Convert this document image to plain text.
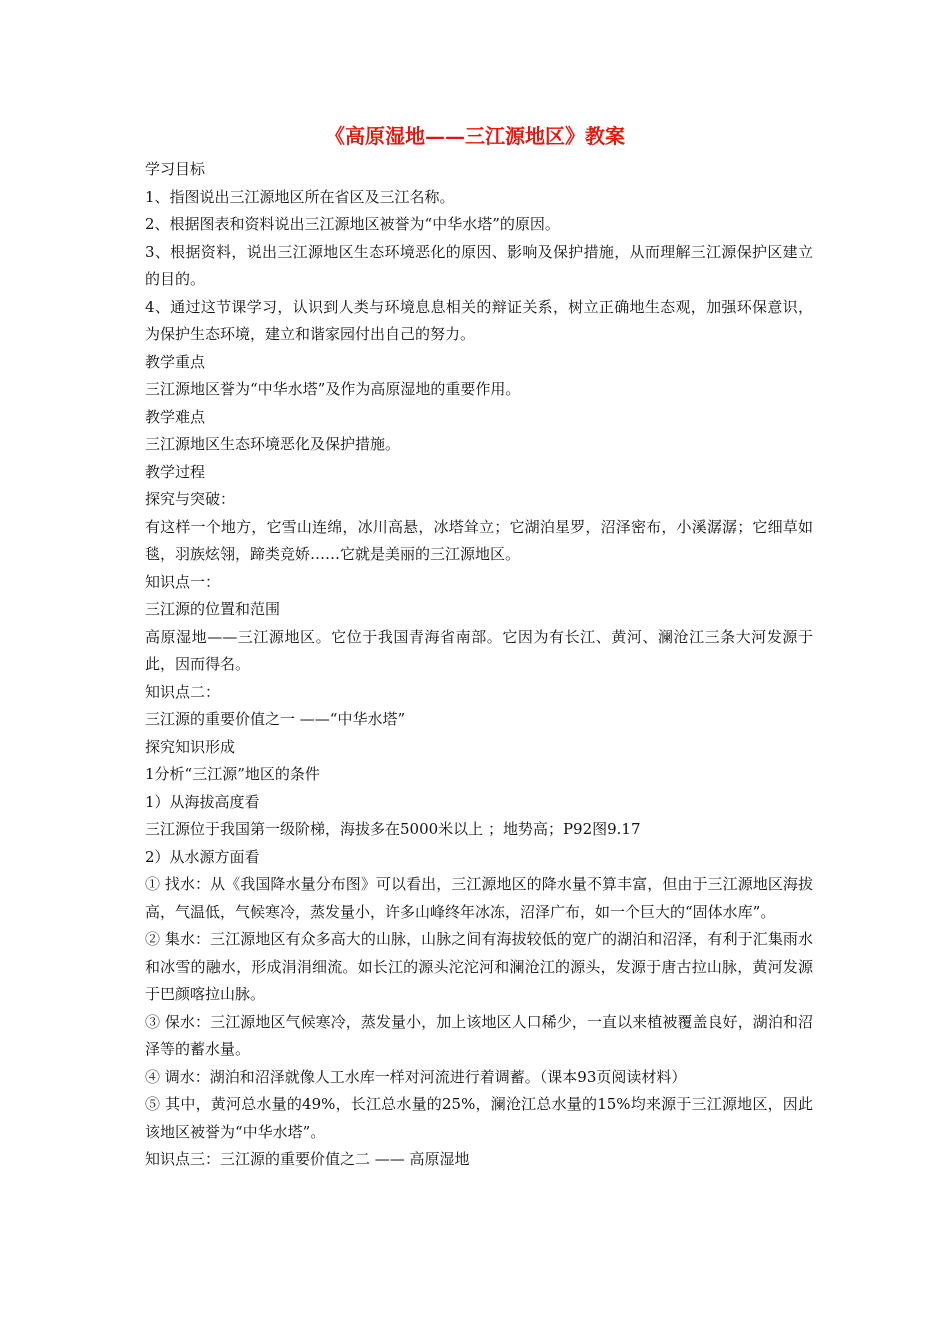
《高原湿地——三江源地区》教案

学习目标

1、指图说出三江源地区所在省区及三江名称。

2、根据图表和资料说出三江源地区被誉为“中华水塔”的原因。

3、根据资料，说出三江源地区生态环境恶化的原因、影响及保护措施，从而理解三江源保护区建立的目的。

4、通过这节课学习，认识到人类与环境息息相关的辩证关系，树立正确地生态观，加强环保意识，为保护生态环境，建立和谐家园付出自己的努力。

教学重点

三江源地区誉为“中华水塔”及作为高原湿地的重要作用。

教学难点

三江源地区生态环境恶化及保护措施。

教学过程

探究与突破：

有这样一个地方，它雪山连绵，冰川高悬，冰塔耸立；它湖泊星罗，沼泽密布，小溪潺潺；它细草如毯，羽族炫翎，蹄类竞娇……它就是美丽的三江源地区。

知识点一：

三江源的位置和范围

高原湿地——三江源地区。它位于我国青海省南部。它因为有长江、黄河、澜沧江三条大河发源于此，因而得名。

知识点二：

三江源的重要价值之一 ——“中华水塔”

探究知识形成

1分析“三江源”地区的条件

1）从海拔高度看

三江源位于我国第一级阶梯，海拔多在5000米以上 ；地势高；P92图9.17

2）从水源方面看

① 找水：从《我国降水量分布图》可以看出，三江源地区的降水量不算丰富，但由于三江源地区海拔高，气温低，气候寒冷，蒸发量小，许多山峰终年冰冻，沼泽广布，如一个巨大的“固体水库”。

② 集水：三江源地区有众多高大的山脉，山脉之间有海拔较低的宽广的湖泊和沼泽，有利于汇集雨水和冰雪的融水，形成涓涓细流。如长江的源头沱沱河和澜沧江的源头，发源于唐古拉山脉，黄河发源于巴颜喀拉山脉。

③ 保水：三江源地区气候寒冷，蒸发量小，加上该地区人口稀少，一直以来植被覆盖良好，湖泊和沼泽等的蓄水量。

④ 调水：湖泊和沼泽就像人工水库一样对河流进行着调蓄。（课本93页阅读材料）

⑤ 其中，黄河总水量的49%，长江总水量的25%，澜沧江总水量的15%均来源于三江源地区，因此该地区被誉为“中华水塔”。

知识点三：三江源的重要价值之二 —— 高原湿地
